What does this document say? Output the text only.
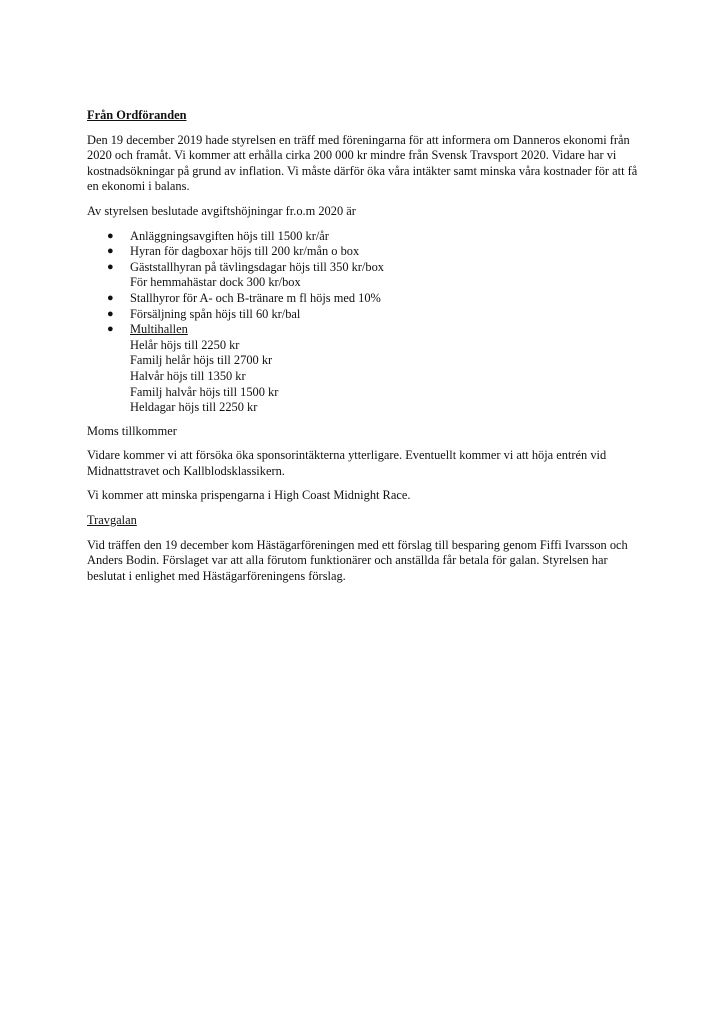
Från Ordföranden

Den 19 december 2019 hade styrelsen en träff med föreningarna för att informera om Danneros ekonomi från 2020 och framåt. Vi kommer att erhålla cirka 200 000 kr mindre från Svensk Travsport 2020. Vidare har vi kostnadsökningar på grund av inflation. Vi måste därför öka våra intäkter samt minska våra kostnader för att få en ekonomi i balans.

Av styrelsen beslutade avgiftshöjningar fr.o.m 2020 är

● Anläggningsavgiften höjs till 1500 kr/år
● Hyran för dagboxar höjs till 200 kr/mån o box
● Gäststallhyran på tävlingsdagar höjs till 350 kr/box
För hemmahästar dock 300 kr/box
● Stallhyror för A- och B-tränare m fl höjs med 10%
● Försäljning spån höjs till 60 kr/bal
● Multihallen
Helår höjs till 2250 kr
Familj helår höjs till 2700 kr
Halvår höjs till 1350 kr
Familj halvår höjs till 1500 kr
Heldagar höjs till 2250 kr

Moms tillkommer

Vidare kommer vi att försöka öka sponsorintäkterna ytterligare. Eventuellt kommer vi att höja entrén vid Midnattstravet och Kallblodsklassikern.

Vi kommer att minska prispengarna i High Coast Midnight Race.

Travgalan

Vid träffen den 19 december kom Hästägarföreningen med ett förslag till besparing genom Fiffi Ivarsson och Anders Bodin. Förslaget var att alla förutom funktionärer och anställda får betala för galan. Styrelsen har beslutat i enlighet med Hästägarföreningens förslag.
